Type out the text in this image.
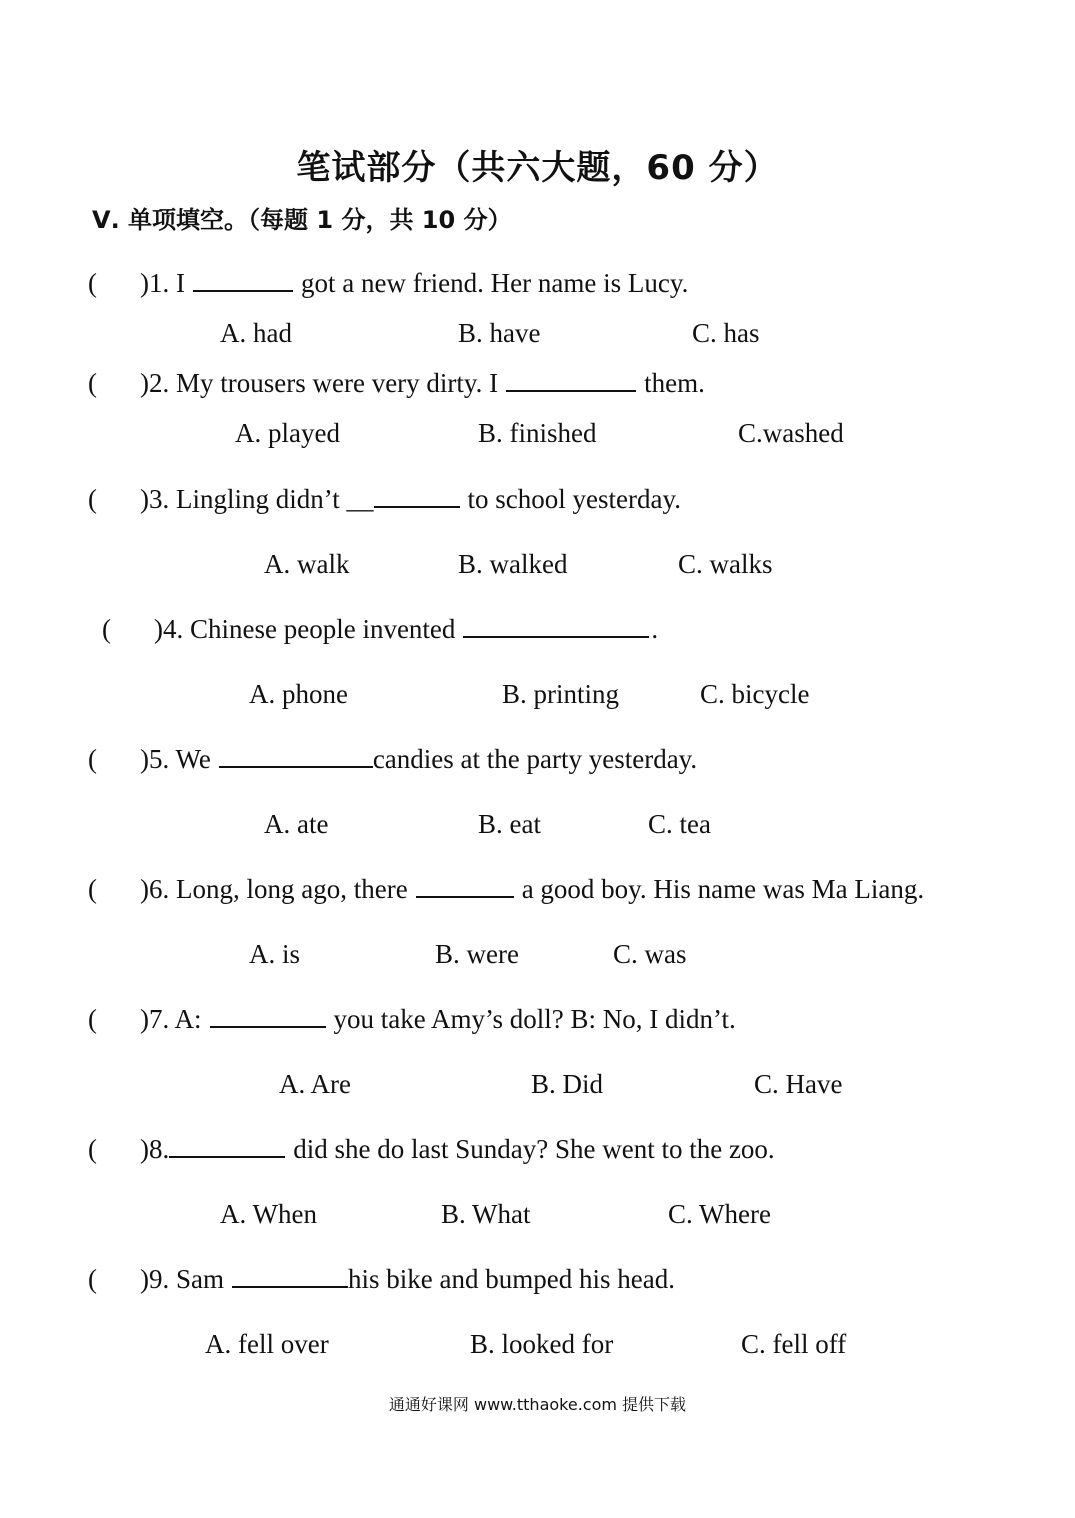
笔试部分（共六大题，60 分）
Ⅴ. 单项填空。（每题 1 分，共 10 分）
( )1. I	got a new friend. Her name is Lucy.
A. had	B. have	C. has
( )2. My trousers were very dirty. I	them.
A. played	B. finished	C.washed
( )3. Lingling didn’t __	to school yesterday.
A. walk	B. walked	C. walks
( )4. Chinese people invented	.
A. phone	B. printing	C. bicycle
( )5. We	candies at the party yesterday.
A. ate	B. eat	C. tea
( )6. Long, long ago, there	a good boy. His name was Ma Liang.
A. is	B. were	C. was
( )7. A:	you take Amy’s doll? B: No, I didn’t.
A. Are	B. Did	C. Have
( )8.	did she do last Sunday? She went to the zoo.
A. When	B. What	C. Where
( )9. Sam	his bike and bumped his head.
A. fell over	B. looked for	C. fell off
通通好课网 www.tthaoke.com 提供下载
